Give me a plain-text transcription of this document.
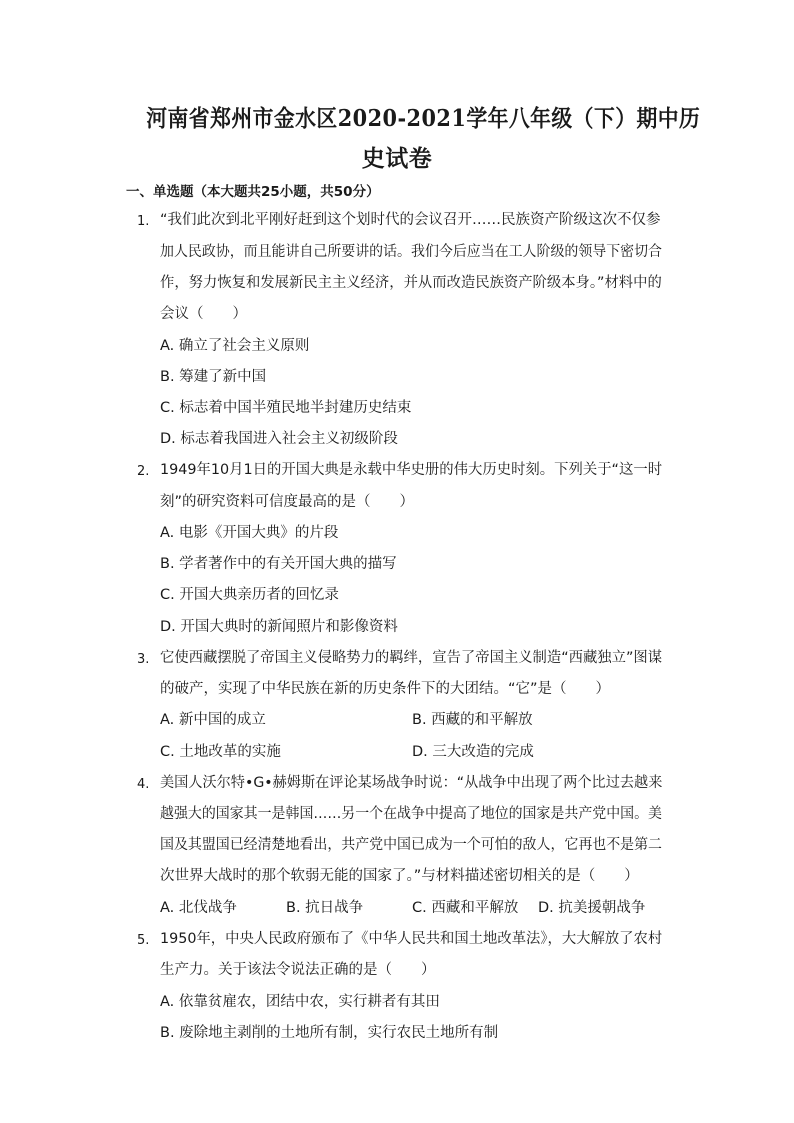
河南省郑州市金水区2020-2021学年八年级（下）期中历
史试卷
一、单选题（本大题共25小题，共50分）
1. “我们此次到北平刚好赶到这个划时代的会议召开……民族资产阶级这次不仅参
加人民政协，而且能讲自己所要讲的话。我们今后应当在工人阶级的领导下密切合
作，努力恢复和发展新民主主义经济，并从而改造民族资产阶级本身。”材料中的
会议（　　）
A. 确立了社会主义原则
B. 筹建了新中国
C. 标志着中国半殖民地半封建历史结束
D. 标志着我国进入社会主义初级阶段
2. 1949年10月1日的开国大典是永载中华史册的伟大历史时刻。下列关于“这一时
刻”的研究资料可信度最高的是（　　）
A. 电影《开国大典》的片段
B. 学者著作中的有关开国大典的描写
C. 开国大典亲历者的回忆录
D. 开国大典时的新闻照片和影像资料
3. 它使西藏摆脱了帝国主义侵略势力的羁绊，宣告了帝国主义制造“西藏独立”图谋
的破产，实现了中华民族在新的历史条件下的大团结。“它”是（　　）
A. 新中国的成立	B. 西藏的和平解放
C. 土地改革的实施	D. 三大改造的完成
4. 美国人沃尔特•G•赫姆斯在评论某场战争时说：“从战争中出现了两个比过去越来
越强大的国家其一是韩国……另一个在战争中提高了地位的国家是共产党中国。美
国及其盟国已经清楚地看出，共产党中国已成为一个可怕的敌人，它再也不是第二
次世界大战时的那个软弱无能的国家了。”与材料描述密切相关的是（　　）
A. 北伐战争	B. 抗日战争	C. 西藏和平解放 D. 抗美援朝战争
5. 1950年，中央人民政府颁布了《中华人民共和国土地改革法》，大大解放了农村
生产力。关于该法令说法正确的是（　　）
A. 依靠贫雇农，团结中农，实行耕者有其田
B. 废除地主剥削的土地所有制，实行农民土地所有制
